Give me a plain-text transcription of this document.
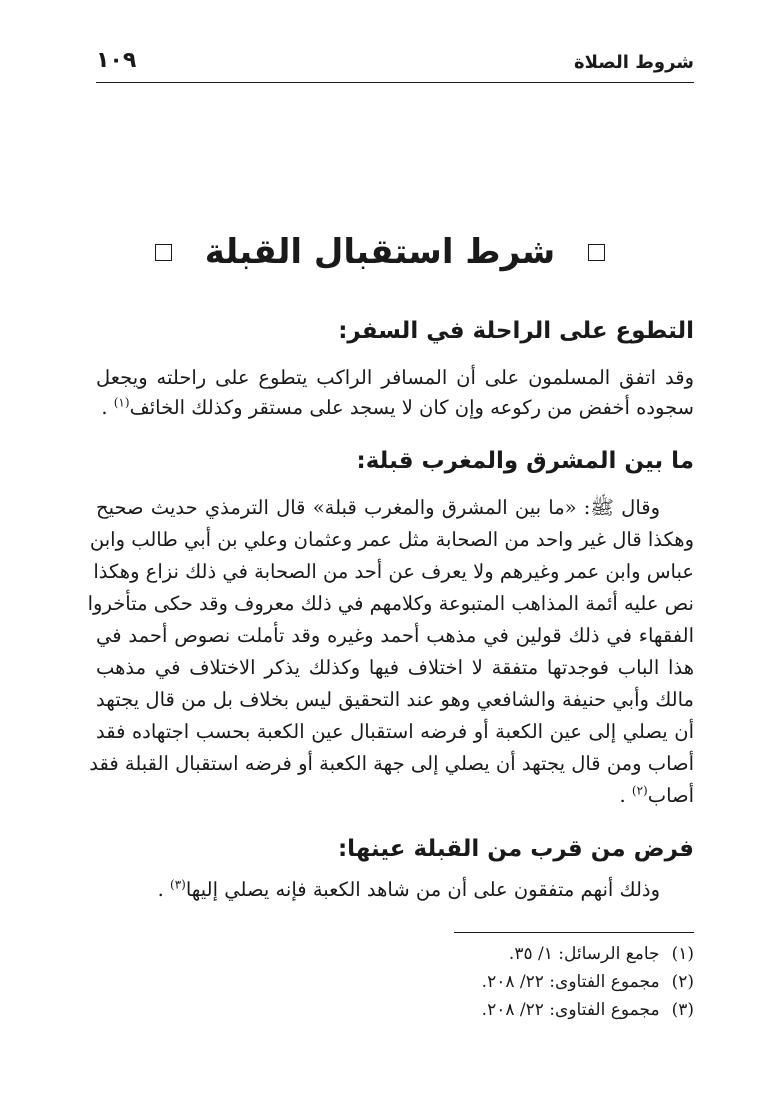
شروط الصلاة
١٠٩
شرط استقبال القبلة
التطوع على الراحلة في السفر:
وقد اتفق المسلمون على أن المسافر الراكب يتطوع على راحلته ويجعل
سجوده أخفض من ركوعه وإن كان لا يسجد على مستقر وكذلك الخائف$^{(١)}$ .
ما بين المشرق والمغرب قبلة:
وقال ﷺ: «ما بين المشرق والمغرب قبلة» قال الترمذي حديث صحيح
وهكذا قال غير واحد من الصحابة مثل عمر وعثمان وعلي بن أبي طالب وابن
عباس وابن عمر وغيرهم ولا يعرف عن أحد من الصحابة في ذلك نزاع وهكذا
نص عليه أئمة المذاهب المتبوعة وكلامهم في ذلك معروف وقد حكى متأخروا
الفقهاء في ذلك قولين في مذهب أحمد وغيره وقد تأملت نصوص أحمد في
هذا الباب فوجدتها متفقة لا اختلاف فيها وكذلك يذكر الاختلاف في مذهب
مالك وأبي حنيفة والشافعي وهو عند التحقيق ليس بخلاف بل من قال يجتهد
أن يصلي إلى عين الكعبة أو فرضه استقبال عين الكعبة بحسب اجتهاده فقد
أصاب ومن قال يجتهد أن يصلي إلى جهة الكعبة أو فرضه استقبال القبلة فقد
أصاب$^{(٢)}$ .
فرض من قرب من القبلة عينها:
وذلك أنهم متفقون على أن من شاهد الكعبة فإنه يصلي إليها$^{(٣)}$ .
(١)جامع الرسائل: ١/ ٣٥.
(٢)مجموع الفتاوى: ٢٢/ ٢٠٨.
(٣)مجموع الفتاوى: ٢٢/ ٢٠٨.
